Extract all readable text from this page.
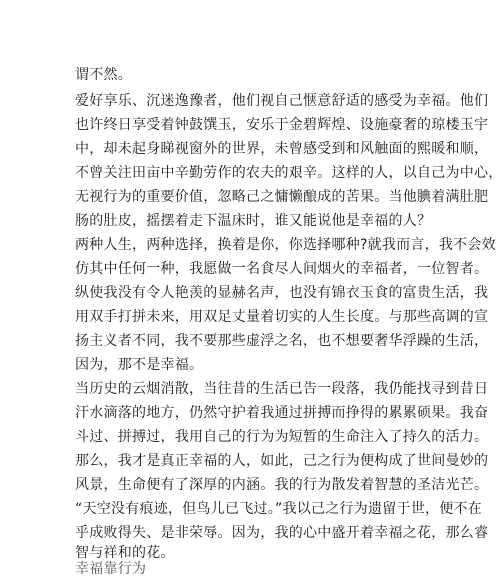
谓不然。
爱好享乐、沉迷逸豫者，他们视自己惬意舒适的感受为幸福。他们
也许终日享受着钟鼓馔玉，安乐于金碧辉煌、设施豪奢的琼楼玉宇
中，却未起身睇视窗外的世界，未曾感受到和风触面的熙暖和顺，
不曾关注田亩中辛勤劳作的农夫的艰辛。这样的人，以自己为中心，
无视行为的重要价值，忽略己之慵懒酿成的苦果。当他腆着满肚肥
肠的肚皮，摇摆着走下温床时，谁又能说他是幸福的人？
两种人生，两种选择，换着是你，你选择哪种?就我而言，我不会效
仿其中任何一种，我愿做一名食尽人间烟火的幸福者，一位智者。
纵使我没有令人艳羡的显赫名声，也没有锦衣玉食的富贵生活，我
用双手打拼未来，用双足丈量着切实的人生长度。与那些高调的宣
扬主义者不同，我不要那些虚浮之名，也不想要奢华浮躁的生活，
因为，那不是幸福。
当历史的云烟消散，当往昔的生活已告一段落，我仍能找寻到昔日
汗水滴落的地方，仍然守护着我通过拼搏而挣得的累累硕果。我奋
斗过、拼搏过，我用自己的行为为短暂的生命注入了持久的活力。
那么，我才是真正幸福的人，如此，己之行为便构成了世间曼妙的
风景，生命便有了深厚的内涵。我的行为散发着智慧的圣洁光芒。
“天空没有痕迹，但鸟儿已飞过。”我以己之行为遗留于世，便不在
乎成败得失、是非荣辱。因为，我的心中盛开着幸福之花，那么睿
智与祥和的花。
幸福靠行为
